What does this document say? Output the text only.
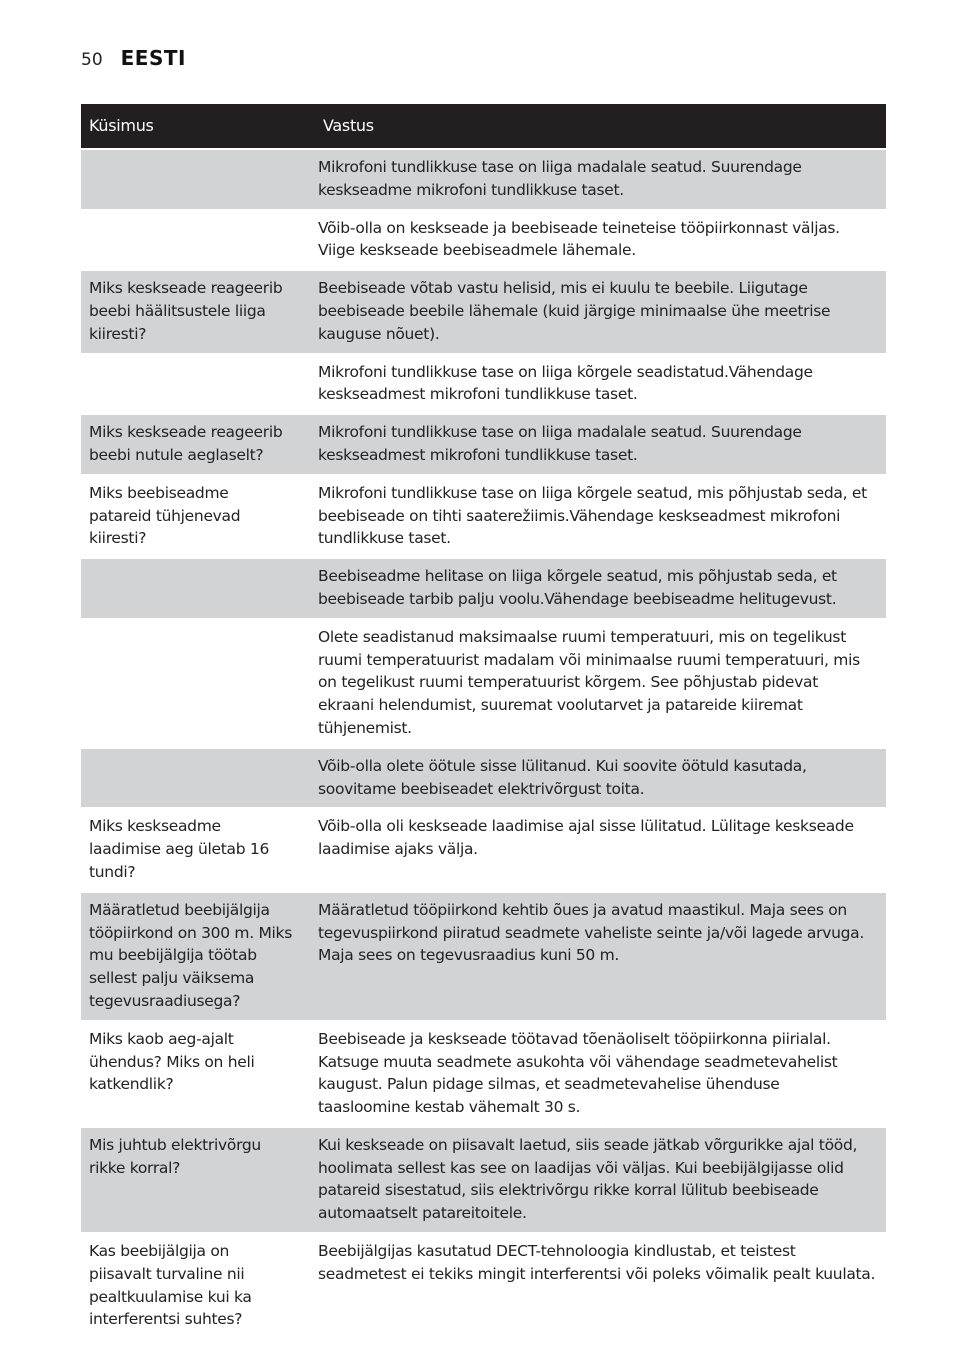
50 EESTI
Küsimus	Vastus
	Mikrofoni tundlikkuse tase on liiga madalale seatud. Suurendage keskseadme mikrofoni tundlikkuse taset.
	Võib-olla on keskseade ja beebiseade teineteise tööpiirkonnast väljas. Viige keskseade beebiseadmele lähemale.
Miks keskseade reageerib beebi häälitsustele liiga kiiresti?	Beebiseade võtab vastu helisid, mis ei kuulu te beebile. Liigutage beebiseade beebile lähemale (kuid järgige minimaalse ühe meetrise kauguse nõuet).
	Mikrofoni tundlikkuse tase on liiga kõrgele seadistatud.Vähendage keskseadmest mikrofoni tundlikkuse taset.
Miks keskseade reageerib beebi nutule aeglaselt?	Mikrofoni tundlikkuse tase on liiga madalale seatud. Suurendage keskseadmest mikrofoni tundlikkuse taset.
Miks beebiseadme patareid tühjenevad kiiresti?	Mikrofoni tundlikkuse tase on liiga kõrgele seatud, mis põhjustab seda, et beebiseade on tihti saaterežiimis.Vähendage keskseadmest mikrofoni tundlikkuse taset.
	Beebiseadme helitase on liiga kõrgele seatud, mis põhjustab seda, et beebiseade tarbib palju voolu.Vähendage beebiseadme helitugevust.
	Olete seadistanud maksimaalse ruumi temperatuuri, mis on tegelikust ruumi temperatuurist madalam või minimaalse ruumi temperatuuri, mis on tegelikust ruumi temperatuurist kõrgem. See põhjustab pidevat ekraani helendumist, suuremat voolutarvet ja patareide kiiremat tühjenemist.
	Võib-olla olete öötule sisse lülitanud. Kui soovite öötuld kasutada, soovitame beebiseadet elektrivõrgust toita.
Miks keskseadme laadimise aeg ületab 16 tundi?	Võib-olla oli keskseade laadimise ajal sisse lülitatud. Lülitage keskseade laadimise ajaks välja.
Määratletud beebijälgija tööpiirkond on 300 m. Miks mu beebijälgija töötab sellest palju väiksema tegevusraadiusega?	Määratletud tööpiirkond kehtib õues ja avatud maastikul. Maja sees on tegevuspiirkond piiratud seadmete vaheliste seinte ja/või lagede arvuga. Maja sees on tegevusraadius kuni 50 m.
Miks kaob aeg-ajalt ühendus? Miks on heli katkendlik?	Beebiseade ja keskseade töötavad tõenäoliselt tööpiirkonna piirialal. Katsuge muuta seadmete asukohta või vähendage seadmetevahelist kaugust. Palun pidage silmas, et seadmetevahelise ühenduse taasloomine kestab vähemalt 30 s.
Mis juhtub elektrivõrgu rikke korral?	Kui keskseade on piisavalt laetud, siis seade jätkab võrgurikke ajal tööd, hoolimata sellest kas see on laadijas või väljas. Kui beebijälgijasse olid patareid sisestatud, siis elektrivõrgu rikke korral lülitub beebiseade automaatselt patareitoitele.
Kas beebijälgija on piisavalt turvaline nii pealtkuulamise kui ka interferentsi suhtes?	Beebijälgijas kasutatud DECT-tehnoloogia kindlustab, et teistest seadmetest ei tekiks mingit interferentsi või poleks võimalik pealt kuulata.
